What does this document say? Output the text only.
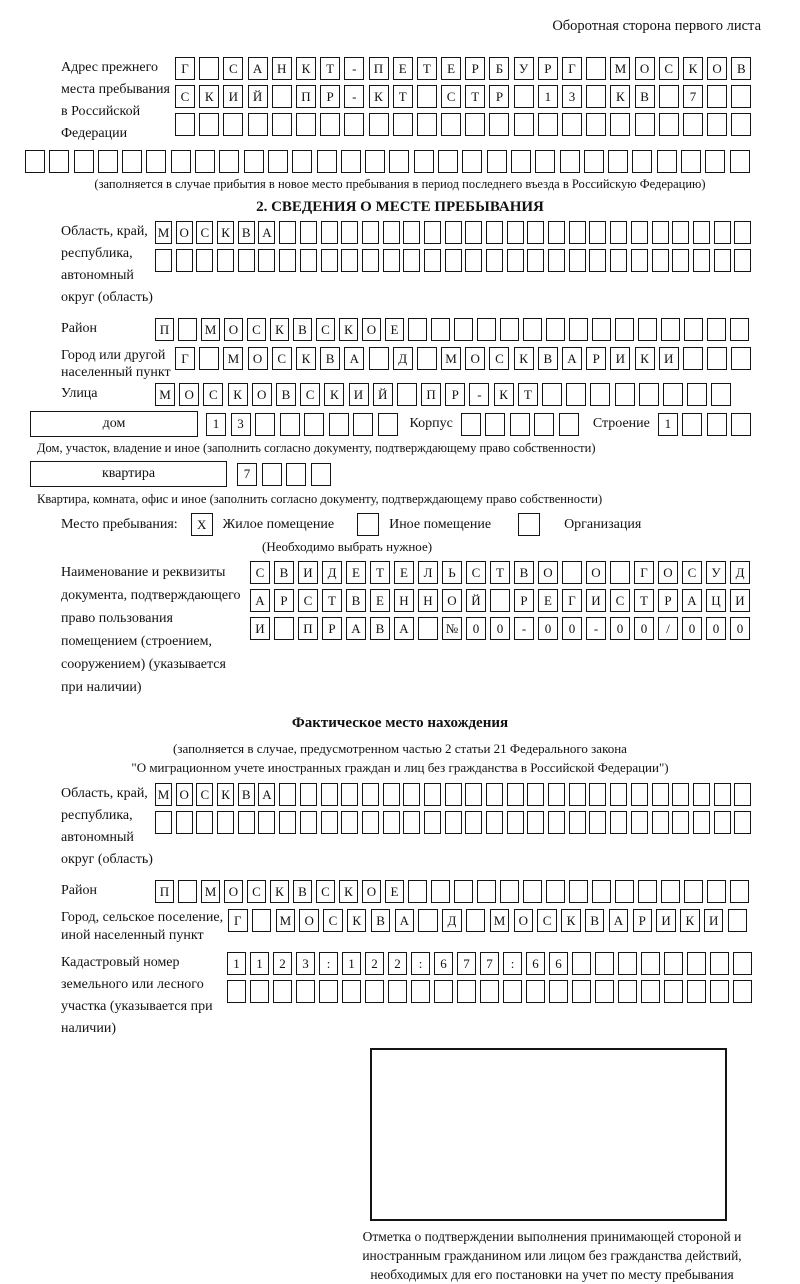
Оборотная сторона первого листа
Адрес прежнего места пребывания в Российской Федерации
Г	С	А	Н	К	Т	-	П	Е	Т	Е	Р	Б	У	Р	Г	М	О	С	К	О	В
С	К	И	Й	П	Р	-	К	Т	С	Т	Р	1	3	К	В	7
(заполняется в случае прибытия в новое место пребывания в период последнего въезда в Российскую Федерацию)
2. СВЕДЕНИЯ О МЕСТЕ ПРЕБЫВАНИЯ
Область, край, республика, автономный округ (область)
М О С К В А
Район	П	М О	С	К	В	С	К	О	Е
Город или другой населенный пункт
Г	М	О	С	К	В	А	Д	М	О	С	К	В	А	Р	И	К	И
Улица	М	О	С	К	О	В	С	К	И	Й	П	Р	-	К	Т
дом	1	3	Корпус	Строение	1
Дом, участок, владение и иное (заполнить согласно документу, подтверждающему право собственности)
квартира	7
Квартира, комната, офис и иное (заполнить согласно документу, подтверждающему право собственности)
Место пребывания:	X	Жилое помещение	Иное помещение	Организация
(Необходимо выбрать нужное)
Наименование и реквизиты документа, подтверждающего право пользования помещением (строением, сооружением) (указывается при наличии)
С	В	И	Д	Е	Т	Е	Л	Ь	С	Т	В	О	О	Г	О	С	У	Д
А	Р	С	Т	В	Е	Н	Н	О	Й	Р	Е	Г	И	С	Т	Р	А	Ц	И
И	П	Р	А	В	А	№	0	0	-	0	0	-	0	0	/	0	0	0
Фактическое место нахождения
(заполняется в случае, предусмотренном частью 2 статьи 21 Федерального закона
"О миграционном учете иностранных граждан и лиц без гражданства в Российской Федерации")
Область, край, республика, автономный округ (область)
М О С К В А
Район	П	М О	С	К	В	С	К	О	Е
Город, сельское поселение, иной населенный пункт
Г	М	О	С	К	В	А	Д	М	О	С	К	В	А	Р	И	К	И
Кадастровый номер земельного или лесного участка (указывается при наличии)
1	1	2	3	:	1	2	2	:	6	7	7	:	6	6
Отметка о подтверждении выполнения принимающей стороной и иностранным гражданином или лицом без гражданства действий, необходимых для его постановки на учет по месту пребывания
